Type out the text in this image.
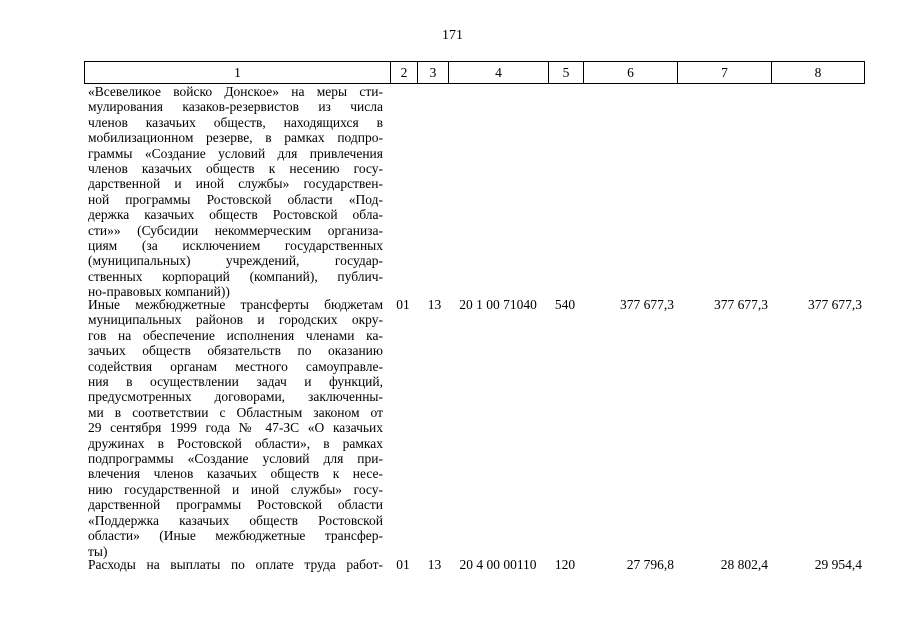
171
1	2	3	4	5	6	7	8
«Всевеликое войско Донское» на меры сти-
мулирования казаков-резервистов из числа
членов казачьих обществ, находящихся в
мобилизационном резерве, в рамках подпро-
граммы «Создание условий для привлечения
членов казачьих обществ к несению госу-
дарственной и иной службы» государствен-
ной программы Ростовской области «Под-
держка казачьих обществ Ростовской обла-
сти»» (Субсидии некоммерческим организа-
циям (за исключением государственных
(муниципальных) учреждений, государ-
ственных корпораций (компаний), публич-
но-правовых компаний))
Иные межбюджетные трансферты бюджетам
муниципальных районов и городских окру-
гов на обеспечение исполнения членами ка-
зачьих обществ обязательств по оказанию
содействия органам местного самоуправле-
ния в осуществлении задач и функций,
предусмотренных договорами, заключенны-
ми в соответствии с Областным законом от
29 сентября 1999 года № 47-ЗС «О казачьих
дружинах в Ростовской области», в рамках
подпрограммы «Создание условий для при-
влечения членов казачьих обществ к несе-
нию государственной и иной службы» госу-
дарственной программы Ростовской области
«Поддержка казачьих обществ Ростовской
области» (Иные межбюджетные трансфер-
ты)
01	13	20 1 00 71040	540	377 677,3	377 677,3	377 677,3
Расходы на выплаты по оплате труда работ- 01	13	20 4 00 00110	120	27 796,8	28 802,4	29 954,4
